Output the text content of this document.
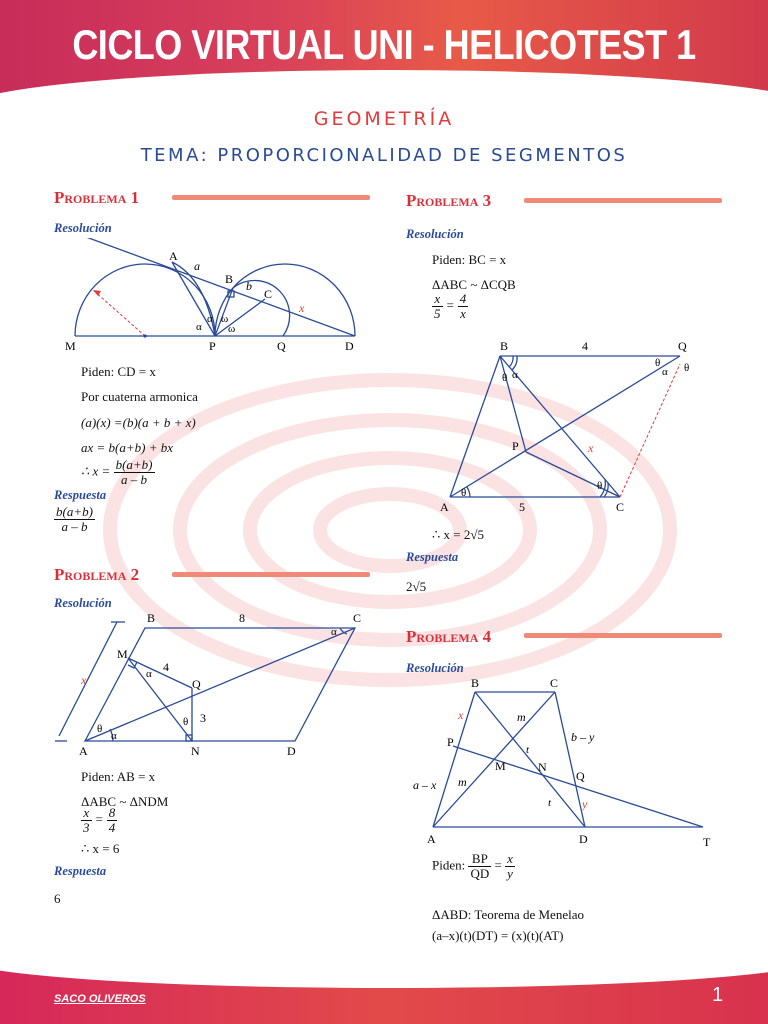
CICLO VIRTUAL UNI - HELICOTEST 1
GEOMETRÍA
TEMA: PROPORCIONALIDAD DE SEGMENTOS
Problema 1
Resolución
A
a
B b
C
x
M	P	Q	D
α
α ω
ω
Piden: CD = x
Por cuaterna armonica
(a)(x) =(b)(a + b + x)
ax = b(a+b) + bx
∴ $x = \frac{b(a+b)}{a - b}$
Respuesta
$\frac{b(a+b)}{a - b}$
Problema 2
Resolución
B	8	C
M
4
Q
x
3
A	N	D
θ
α
α
θ
α
Piden: AB = x
ΔABC ~ ΔNDM
$\frac{x}{3} = \frac{8}{4}$
∴ x = 6
Respuesta
6
Problema 3
Resolución
Piden: BC = x
ΔABC ~ ΔCQB
$\frac{x}{5} = \frac{4}{x}$
B	4	Q
P	x
A	5	C
θ α
θ
α θ
θ
θ
∴ x = 2√5
Respuesta
2√5
Problema 4
Resolución
B	C
x	m
b – y
P
t
M	N
Q
a – x m
t	y
A	D	T
Piden: $\frac{BP}{QD} = \frac{x}{y}$
ΔABD: Teorema de Menelao
(a–x)(t)(DT) = (x)(t)(AT)
SACO OLIVEROS	1
